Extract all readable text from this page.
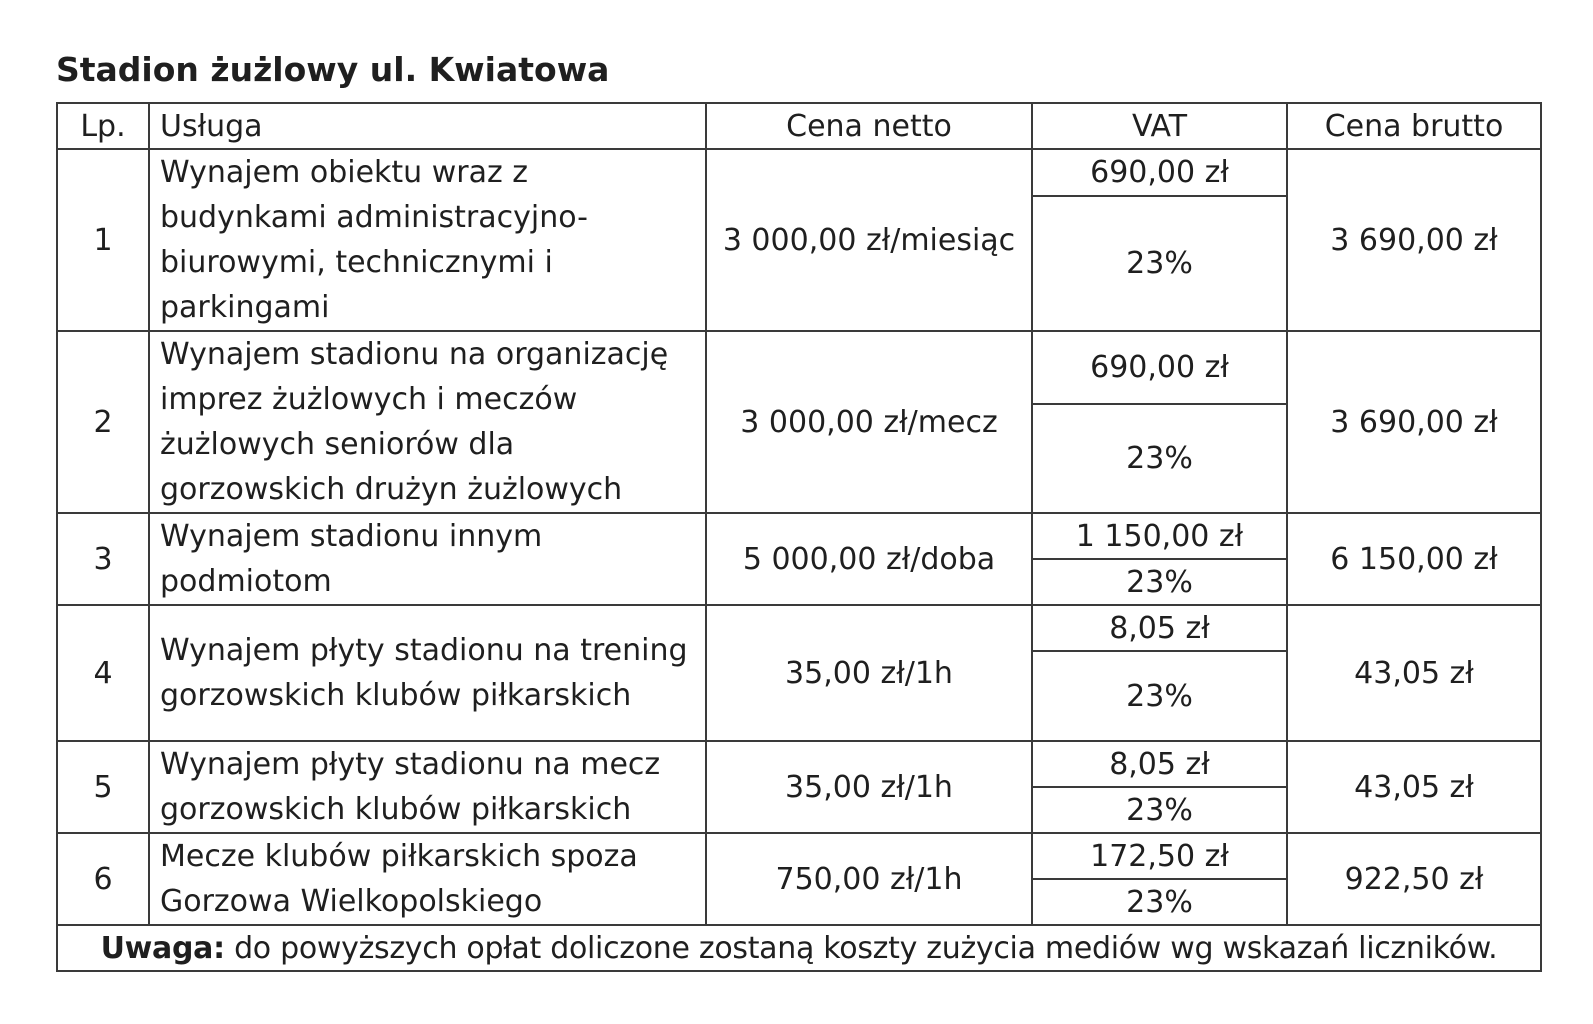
Stadion żużlowy ul. Kwiatowa
Lp.	Usługa	Cena netto	VAT	Cena brutto
1	Wynajem obiektu wraz z budynkami administracyjno-biurowymi, technicznymi i parkingami	3 000,00 zł/miesiąc	690,00 zł	3 690,00 zł
			23%	
2	Wynajem stadionu na organizację imprez żużlowych i meczów żużlowych seniorów dla gorzowskich drużyn żużlowych	3 000,00 zł/mecz	690,00 zł	3 690,00 zł
			23%	
3	Wynajem stadionu innym podmiotom	5 000,00 zł/doba	1 150,00 zł	6 150,00 zł
			23%	
4	Wynajem płyty stadionu na trening gorzowskich klubów piłkarskich	35,00 zł/1h	8,05 zł	43,05 zł
			23%	
5	Wynajem płyty stadionu na mecz gorzowskich klubów piłkarskich	35,00 zł/1h	8,05 zł	43,05 zł
			23%	
6	Mecze klubów piłkarskich spoza Gorzowa Wielkopolskiego	750,00 zł/1h	172,50 zł	922,50 zł
			23%	
Uwaga: do powyższych opłat doliczone zostaną koszty zużycia mediów wg wskazań liczników.				
